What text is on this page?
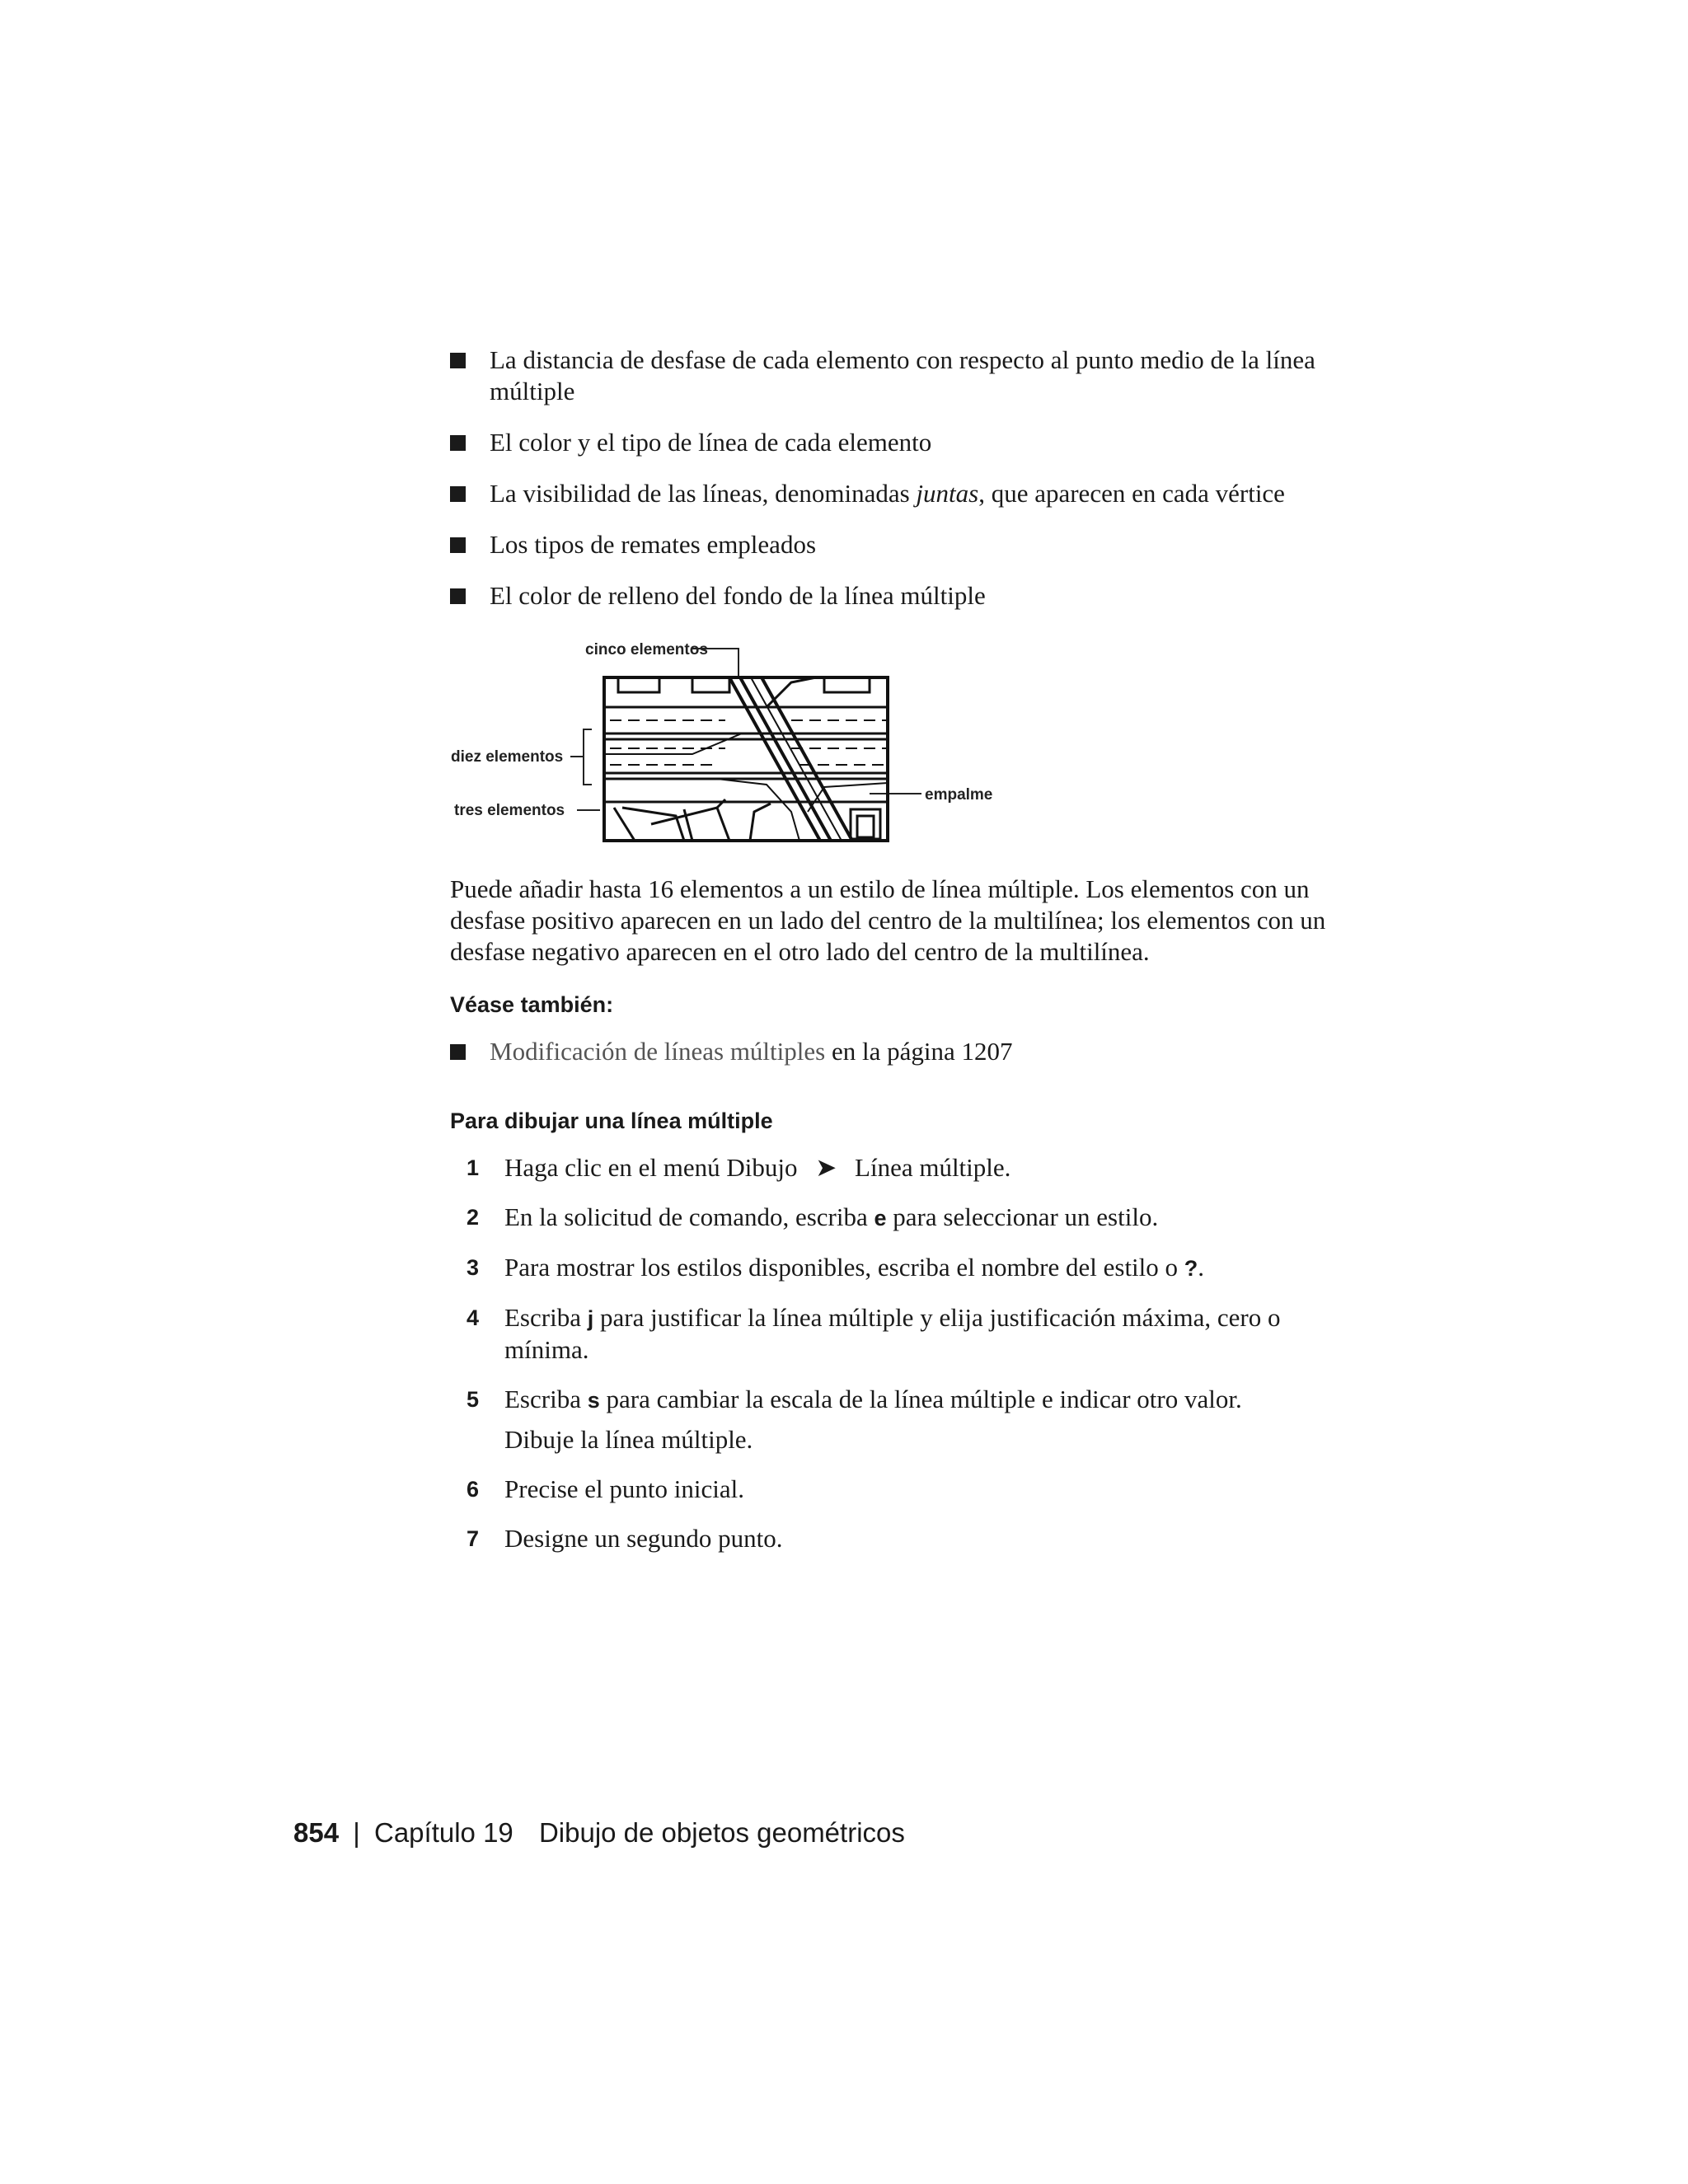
La distancia de desfase de cada elemento con respecto al punto medio de la línea múltiple
El color y el tipo de línea de cada elemento
La visibilidad de las líneas, denominadas juntas, que aparecen en cada vértice
Los tipos de remates empleados
El color de relleno del fondo de la línea múltiple
cinco elementos
diez elementos
tres elementos
empalme

Puede añadir hasta 16 elementos a un estilo de línea múltiple. Los elementos con un desfase positivo aparecen en un lado del centro de la multilínea; los elementos con un desfase negativo aparecen en el otro lado del centro de la multilínea.

Véase también:
Modificación de líneas múltiples en la página 1207
Para dibujar una línea múltiple
1 Haga clic en el menú Dibujo ➤ Línea múltiple.
2 En la solicitud de comando, escriba e para seleccionar un estilo.
3 Para mostrar los estilos disponibles, escriba el nombre del estilo o ?.
4 Escriba j para justificar la línea múltiple y elija justificación máxima, cero o mínima.
5 Escriba s para cambiar la escala de la línea múltiple e indicar otro valor.
Dibuje la línea múltiple.
6 Precise el punto inicial.
7 Designe un segundo punto.
854 | Capítulo 19 Dibujo de objetos geométricos
